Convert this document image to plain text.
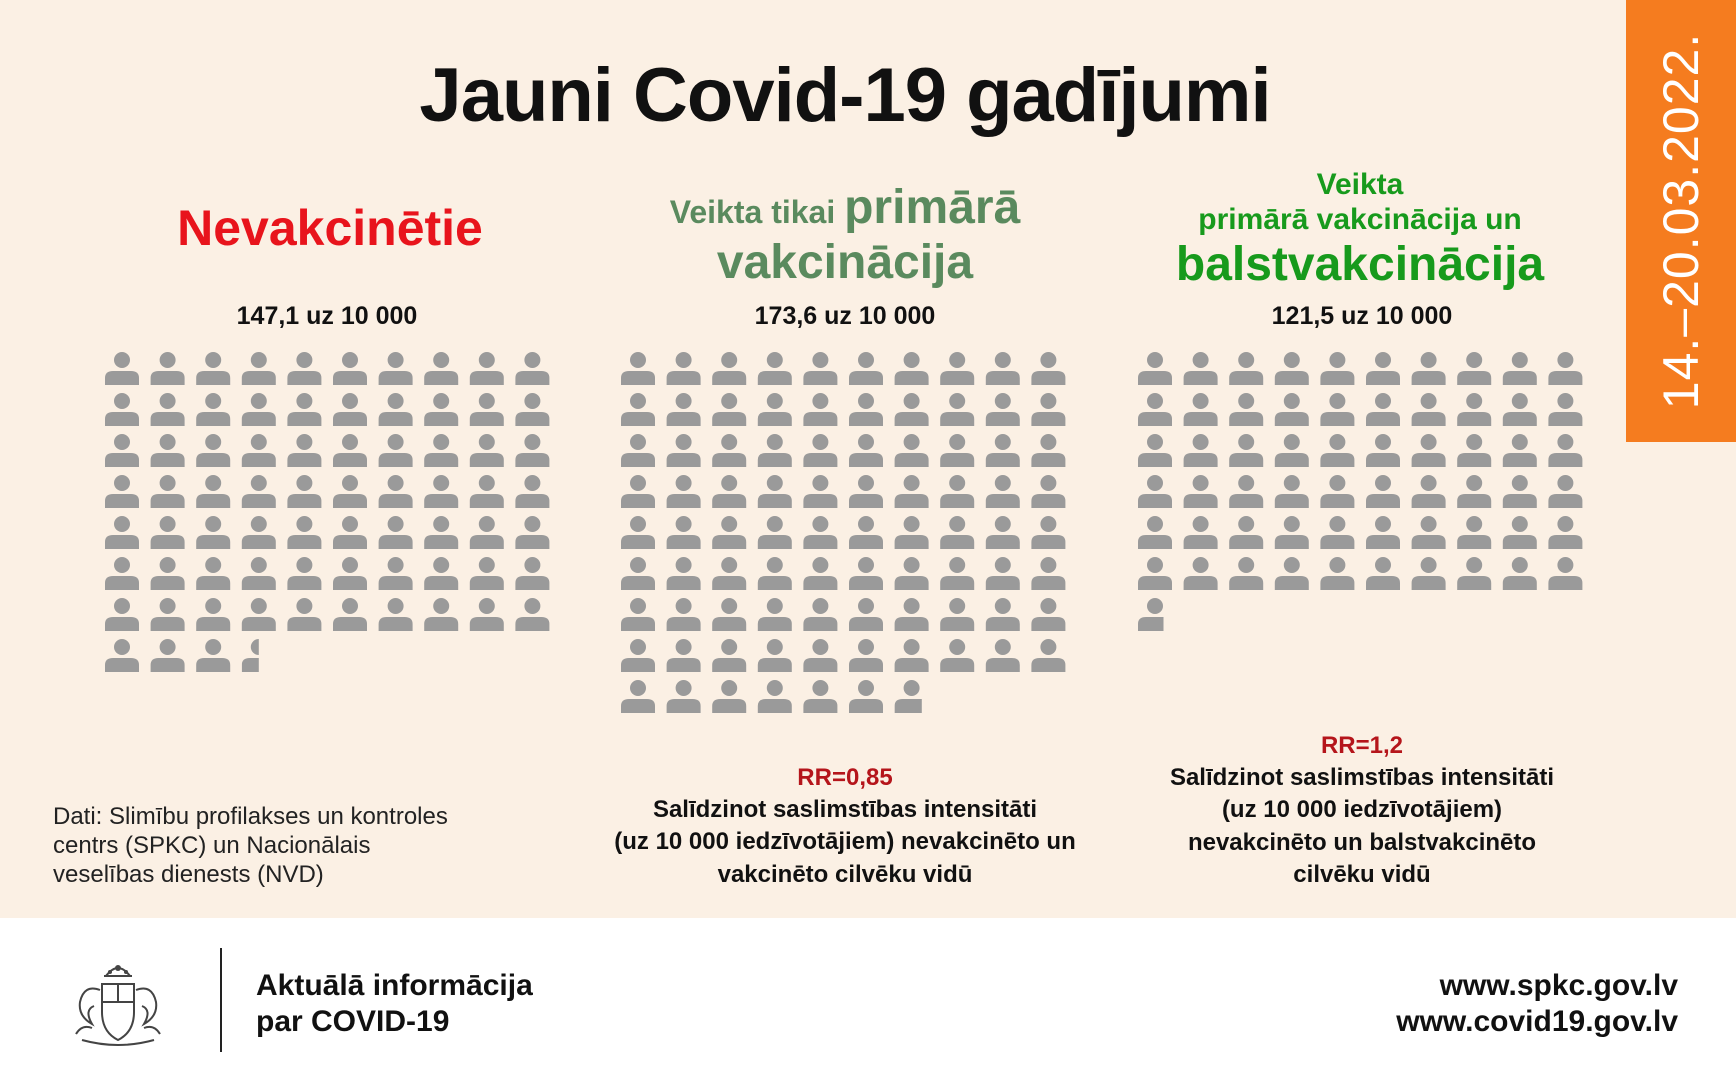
Jauni Covid-19 gadījumi	14.–20.03.2022.
Nevakcinētie	Veikta tikai primārā
vakcinācija
Veikta
primārā vakcinācija un
balstvakcinācija
147,1 uz 10 000	173,6 uz 10 000	121,5 uz 10 000
RR=0,85
Salīdzinot saslimstības intensitāti
(uz 10 000 iedzīvotājiem) nevakcinēto un
vakcinēto cilvēku vidū
RR=1,2
Salīdzinot saslimstības intensitāti
(uz 10 000 iedzīvotājiem)
nevakcinēto un balstvakcinēto
cilvēku vidū
Dati: Slimību profilakses un kontroles
centrs (SPKC) un Nacionālais
veselības dienests (NVD)
Aktuālā informācija
par COVID-19
www.spkc.gov.lv
www.covid19.gov.lv
